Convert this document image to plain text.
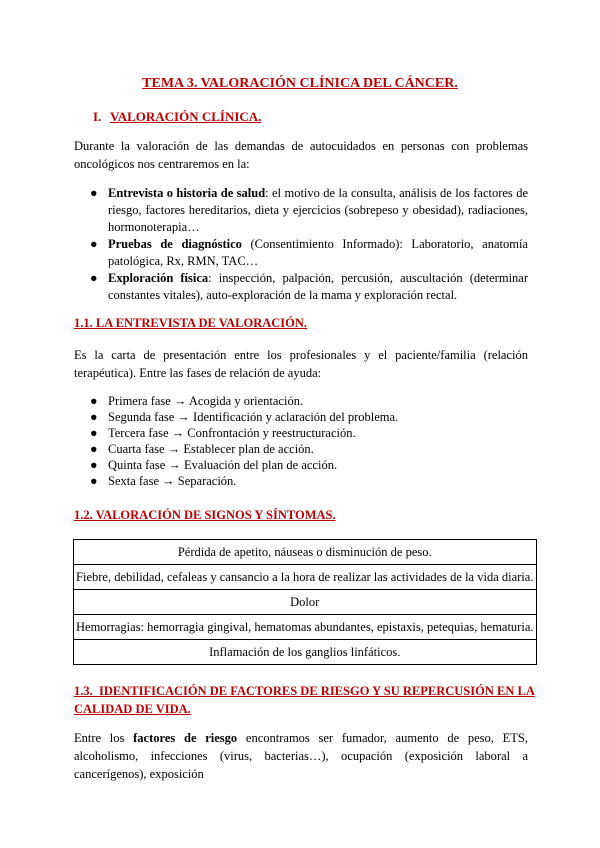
TEMA 3. VALORACIÓN CLÍNICA DEL CÁNCER.
I. VALORACIÓN CLÍNICA.

Durante la valoración de las demandas de autocuidados en personas con problemas oncológicos nos centraremos en la:

● Entrevista o historia de salud: el motivo de la consulta, análisis de los factores de riesgo, factores hereditarios, dieta y ejercicios (sobrepeso y obesidad), radiaciones, hormonoterapia…
● Pruebas de diagnóstico (Consentimiento Informado): Laboratorio, anatomía patológica, Rx, RMN, TAC…
● Exploración física: inspección, palpación, percusión, auscultación (determinar constantes vitales), auto-exploración de la mama y exploración rectal.
1.1. LA ENTREVISTA DE VALORACIÓN.

Es la carta de presentación entre los profesionales y el paciente/familia (relación terapéutica). Entre las fases de relación de ayuda:

● Primera fase → Acogida y orientación.
● Segunda fase → Identificación y aclaración del problema.
● Tercera fase → Confrontación y reestructuración.
● Cuarta fase → Establecer plan de acción.
● Quinta fase → Evaluación del plan de acción.
● Sexta fase → Separación.
1.2. VALORACIÓN DE SIGNOS Y SÍNTOMAS.
Pérdida de apetito, náuseas o disminución de peso.
Fiebre, debilidad, cefaleas y cansancio a la hora de realizar las actividades de la vida diaria.
Dolor
Hemorragias: hemorragia gingival, hematomas abundantes, epistaxis, petequias, hematuria.
Inflamación de los ganglios linfáticos.
1.3.  IDENTIFICACIÓN DE FACTORES DE RIESGO Y SU REPERCUSIÓN EN LA
CALIDAD DE VIDA.

Entre los factores de riesgo encontramos ser fumador, aumento de peso, ETS, alcoholismo, infecciones (virus, bacterias…), ocupación (exposición laboral a cancerígenos), exposición
